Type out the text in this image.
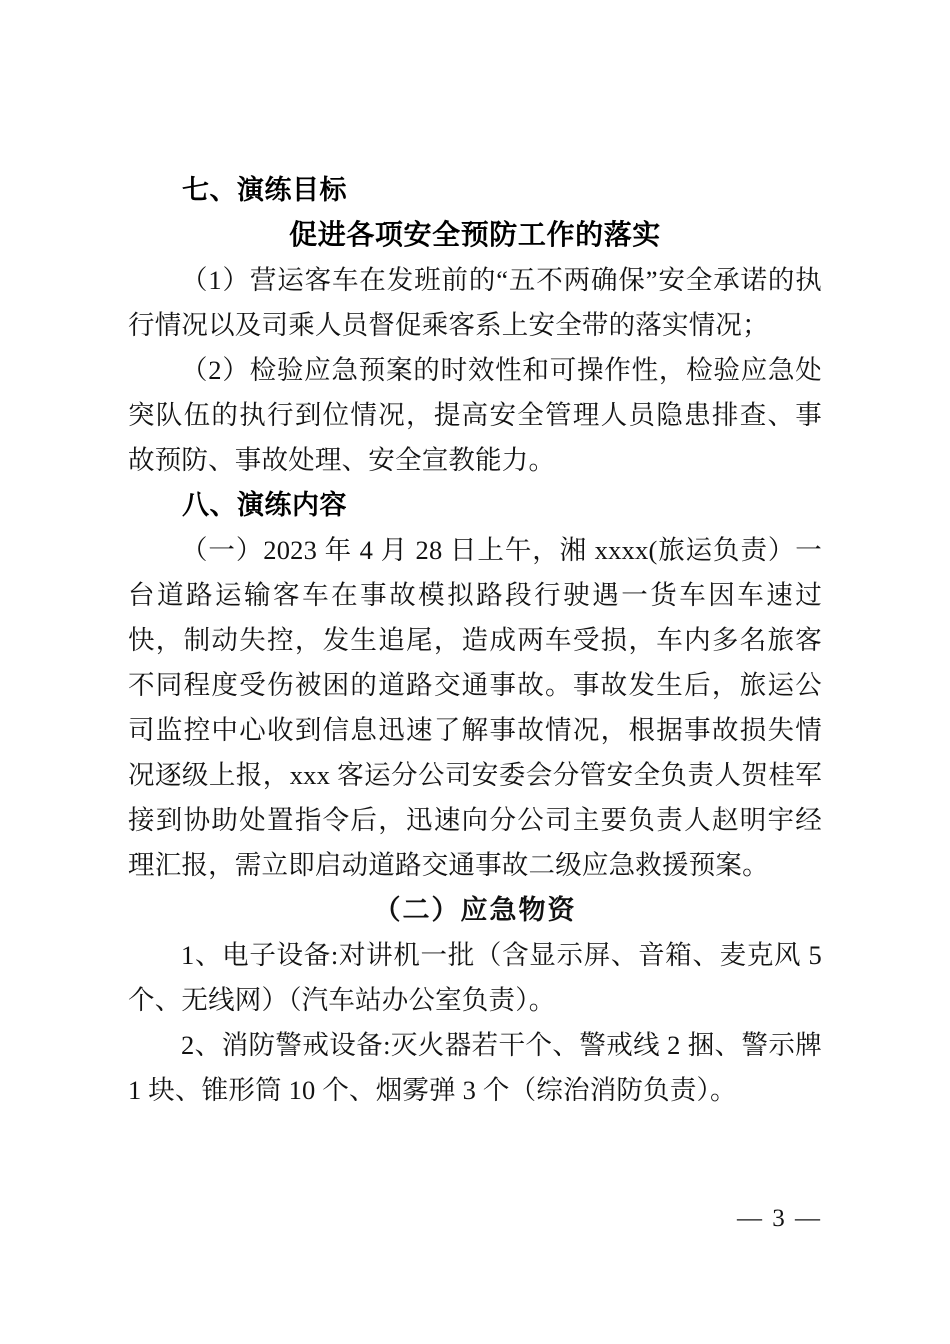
七、演练目标
促进各项安全预防工作的落实

（1）营运客车在发班前的“五不两确保”安全承诺的执行情况以及司乘人员督促乘客系上安全带的落实情况；

（2）检验应急预案的时效性和可操作性，检验应急处突队伍的执行到位情况，提高安全管理人员隐患排查、事故预防、事故处理、安全宣教能力。

八、演练内容

（一）2023 年 4 月 28 日上午，湘 xxxx(旅运负责）一台道路运输客车在事故模拟路段行驶遇一货车因车速过快，制动失控，发生追尾，造成两车受损，车内多名旅客不同程度受伤被困的道路交通事故。事故发生后，旅运公司监控中心收到信息迅速了解事故情况，根据事故损失情况逐级上报，xxx 客运分公司安委会分管安全负责人贺桂军接到协助处置指令后，迅速向分公司主要负责人赵明宇经理汇报，需立即启动道路交通事故二级应急救援预案。

（二）应急物资

1、电子设备:对讲机一批（含显示屏、音箱、麦克风 5 个、无线网）（汽车站办公室负责）。

2、消防警戒设备:灭火器若干个、警戒线 2 捆、警示牌 1 块、锥形筒 10 个、烟雾弹 3 个（综治消防负责）。

— 3 —
